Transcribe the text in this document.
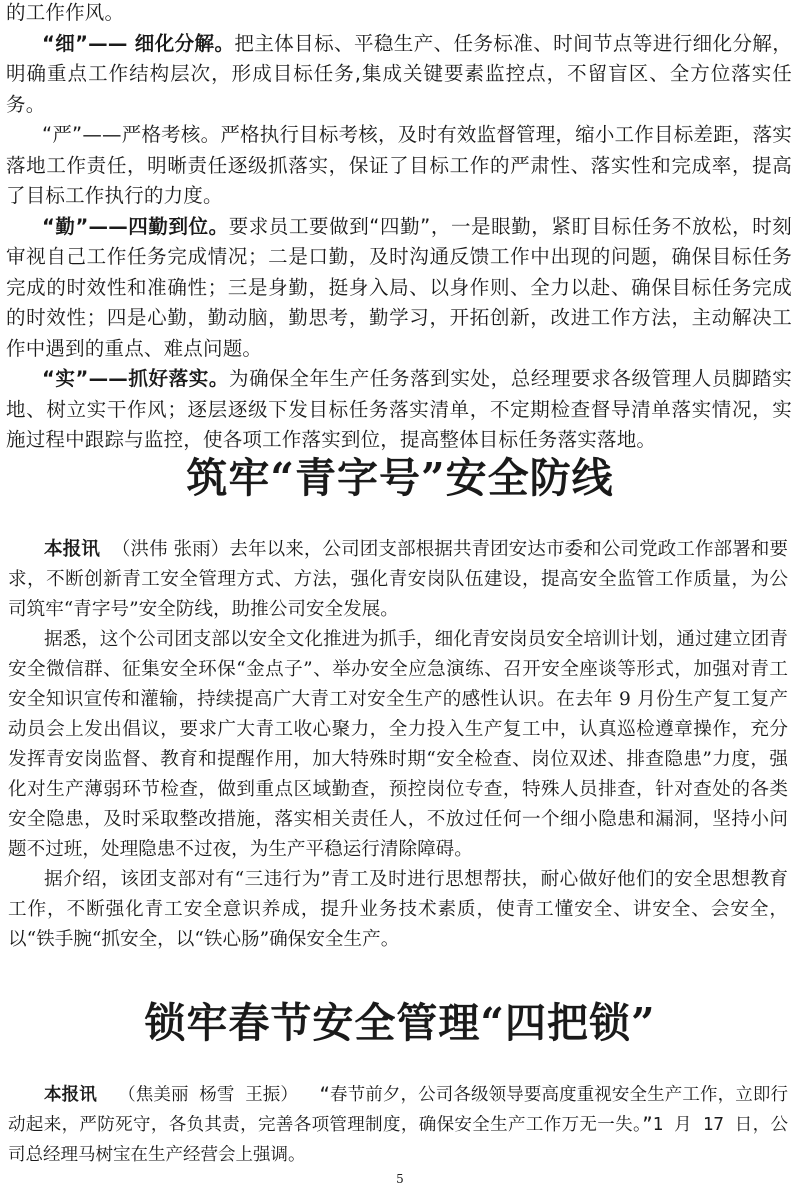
的工作作风。

“细”—— 细化分解。把主体目标、平稳生产、任务标准、时间节点等进行细化分解，明确重点工作结构层次，形成目标任务,集成关键要素监控点，不留盲区、全方位落实任务。

“严”——严格考核。严格执行目标考核，及时有效监督管理，缩小工作目标差距，落实落地工作责任，明晰责任逐级抓落实，保证了目标工作的严肃性、落实性和完成率，提高了目标工作执行的力度。

“勤”——四勤到位。要求员工要做到“四勤”，一是眼勤，紧盯目标任务不放松，时刻审视自己工作任务完成情况；二是口勤，及时沟通反馈工作中出现的问题，确保目标任务完成的时效性和准确性；三是身勤，挺身入局、以身作则、全力以赴、确保目标任务完成的时效性；四是心勤，勤动脑，勤思考，勤学习，开拓创新，改进工作方法，主动解决工作中遇到的重点、难点问题。

“实”——抓好落实。为确保全年生产任务落到实处，总经理要求各级管理人员脚踏实地、树立实干作风；逐层逐级下发目标任务落实清单，不定期检查督导清单落实情况，实施过程中跟踪与监控，使各项工作落实到位，提高整体目标任务落实落地。

筑牢“青字号”安全防线

本报讯 （洪伟 张雨）去年以来，公司团支部根据共青团安达市委和公司党政工作部署和要求，不断创新青工安全管理方式、方法，强化青安岗队伍建设，提高安全监管工作质量，为公司筑牢“青字号”安全防线，助推公司安全发展。

据悉，这个公司团支部以安全文化推进为抓手，细化青安岗员安全培训计划，通过建立团青安全微信群、征集安全环保“金点子”、举办安全应急演练、召开安全座谈等形式，加强对青工安全知识宣传和灌输，持续提高广大青工对安全生产的感性认识。在去年 9 月份生产复工复产动员会上发出倡议，要求广大青工收心聚力，全力投入生产复工中，认真巡检遵章操作，充分发挥青安岗监督、教育和提醒作用，加大特殊时期“安全检查、岗位双述、排查隐患”力度，强化对生产薄弱环节检查，做到重点区域勤查，预控岗位专查，特殊人员排查，针对查处的各类安全隐患，及时采取整改措施，落实相关责任人，不放过任何一个细小隐患和漏洞，坚持小问题不过班，处理隐患不过夜，为生产平稳运行清除障碍。

据介绍，该团支部对有“三违行为”青工及时进行思想帮扶，耐心做好他们的安全思想教育工作，不断强化青工安全意识养成，提升业务技术素质，使青工懂安全、讲安全、会安全，以“铁手腕“抓安全，以“铁心肠”确保安全生产。

锁牢春节安全管理“四把锁”

本报讯 （焦美丽 杨雪 王振） “春节前夕，公司各级领导要高度重视安全生产工作，立即行动起来，严防死守，各负其责，完善各项管理制度，确保安全生产工作万无一失。”1 月 17 日，公司总经理马树宝在生产经营会上强调。

5
